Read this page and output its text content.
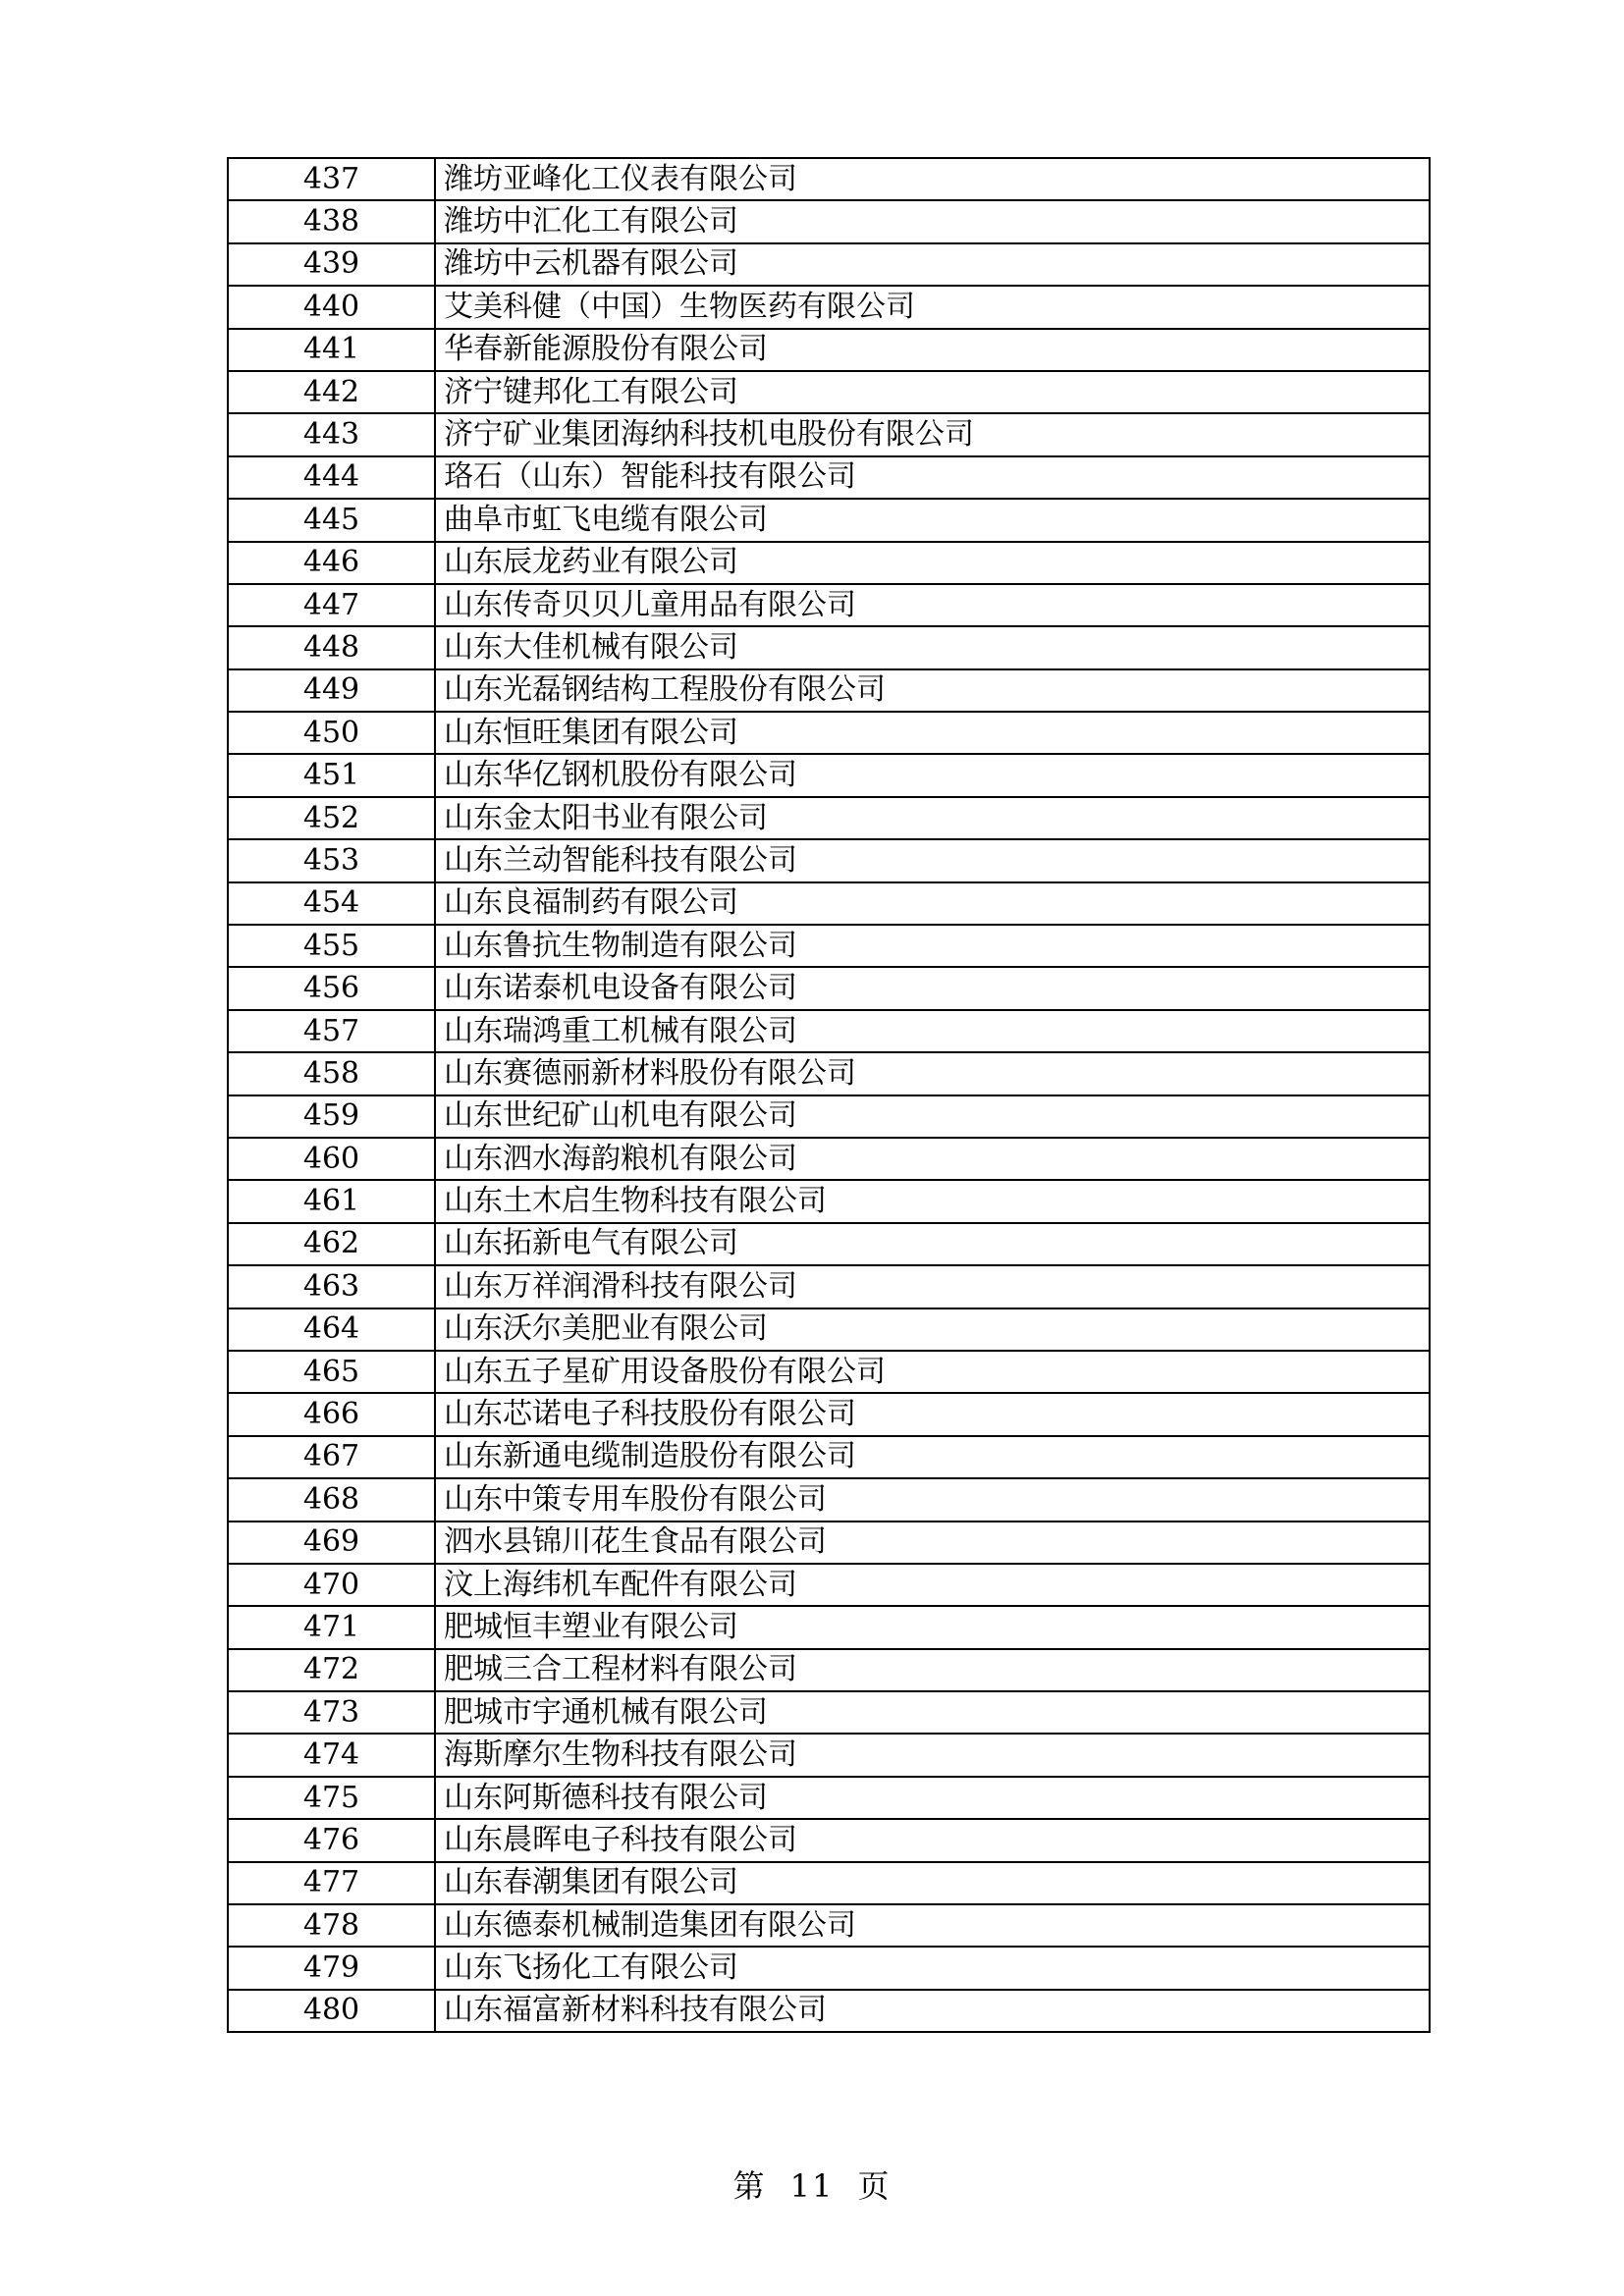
437	潍坊亚峰化工仪表有限公司
438	潍坊中汇化工有限公司
439	潍坊中云机器有限公司
440	艾美科健（中国）生物医药有限公司
441	华春新能源股份有限公司
442	济宁键邦化工有限公司
443	济宁矿业集团海纳科技机电股份有限公司
444	珞石（山东）智能科技有限公司
445	曲阜市虹飞电缆有限公司
446	山东辰龙药业有限公司
447	山东传奇贝贝儿童用品有限公司
448	山东大佳机械有限公司
449	山东光磊钢结构工程股份有限公司
450	山东恒旺集团有限公司
451	山东华亿钢机股份有限公司
452	山东金太阳书业有限公司
453	山东兰动智能科技有限公司
454	山东良福制药有限公司
455	山东鲁抗生物制造有限公司
456	山东诺泰机电设备有限公司
457	山东瑞鸿重工机械有限公司
458	山东赛德丽新材料股份有限公司
459	山东世纪矿山机电有限公司
460	山东泗水海韵粮机有限公司
461	山东土木启生物科技有限公司
462	山东拓新电气有限公司
463	山东万祥润滑科技有限公司
464	山东沃尔美肥业有限公司
465	山东五子星矿用设备股份有限公司
466	山东芯诺电子科技股份有限公司
467	山东新通电缆制造股份有限公司
468	山东中策专用车股份有限公司
469	泗水县锦川花生食品有限公司
470	汶上海纬机车配件有限公司
471	肥城恒丰塑业有限公司
472	肥城三合工程材料有限公司
473	肥城市宇通机械有限公司
474	海斯摩尔生物科技有限公司
475	山东阿斯德科技有限公司
476	山东晨晖电子科技有限公司
477	山东春潮集团有限公司
478	山东德泰机械制造集团有限公司
479	山东飞扬化工有限公司
480	山东福富新材料科技有限公司
第 11 页
